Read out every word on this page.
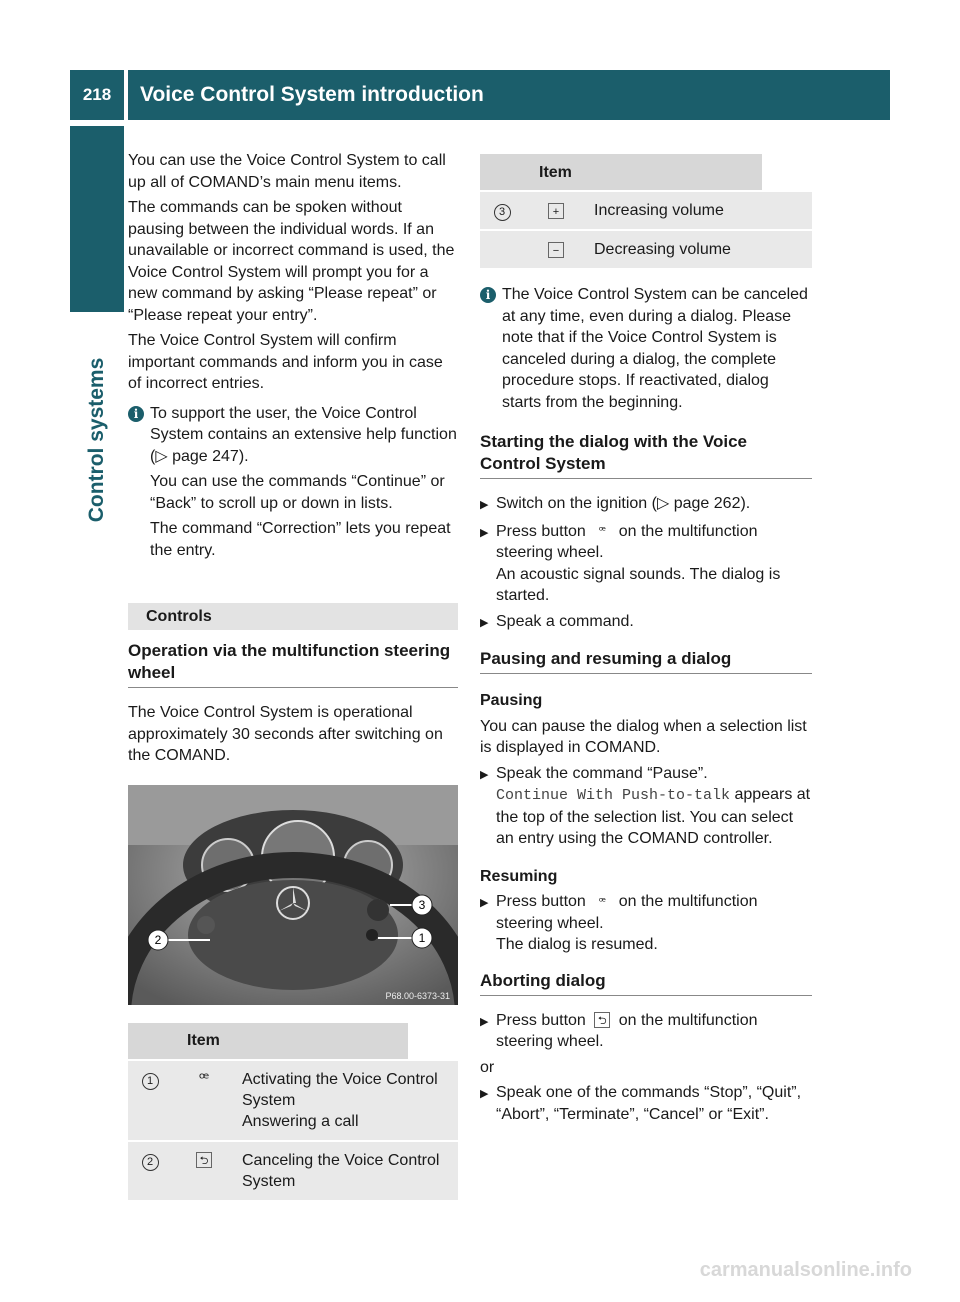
218	Voice Control System introduction
Control systems

You can use the Voice Control System to call up all of COMAND’s main menu items.

The commands can be spoken without pausing between the individual words. If an unavailable or incorrect command is used, the Voice Control System will prompt you for a new command by asking “Please repeat” or “Please repeat your entry”.

The Voice Control System will confirm important commands and inform you in case of incorrect entries.

i To support the user, the Voice Control System contains an extensive help function (▷ page 247).

You can use the commands “Continue” or “Back” to scroll up or down in lists.

The command “Correction” lets you repeat the entry.

Controls
Operation via the multifunction steering wheel

The Voice Control System is operational approximately 30 seconds after switching on the COMAND.

3
1
2
P68.00-6373-31
		Item
1	ꟹ	Activating the Voice Control System
Answering a call

2	⮌	Canceling the Voice Control System
		Item
3	+	Increasing volume
	−	Decreasing volume
i The Voice Control System can be canceled at any time, even during a dialog. Please note that if the Voice Control System is canceled during a dialog, the complete procedure stops. If reactivated, dialog starts from the beginning.

Starting the dialog with the Voice Control System
▶ Switch on the ignition (▷ page 262).
▶ Press button ꟹ on the multifunction steering wheel.
An acoustic signal sounds. The dialog is started.
▶ Speak a command.
Pausing and resuming a dialog
Pausing

You can pause the dialog when a selection list is displayed in COMAND.

▶ Speak the command “Pause”.
Continue With Push-to-talk appears at the top of the selection list. You can select an entry using the COMAND controller.
Resuming
▶ Press button ꟹ on the multifunction steering wheel.
The dialog is resumed.
Aborting dialog
▶ Press button ⮌ on the multifunction steering wheel.

or

▶ Speak one of the commands “Stop”, “Quit”, “Abort”, “Terminate”, “Cancel” or “Exit”.
carmanualsonline.info
